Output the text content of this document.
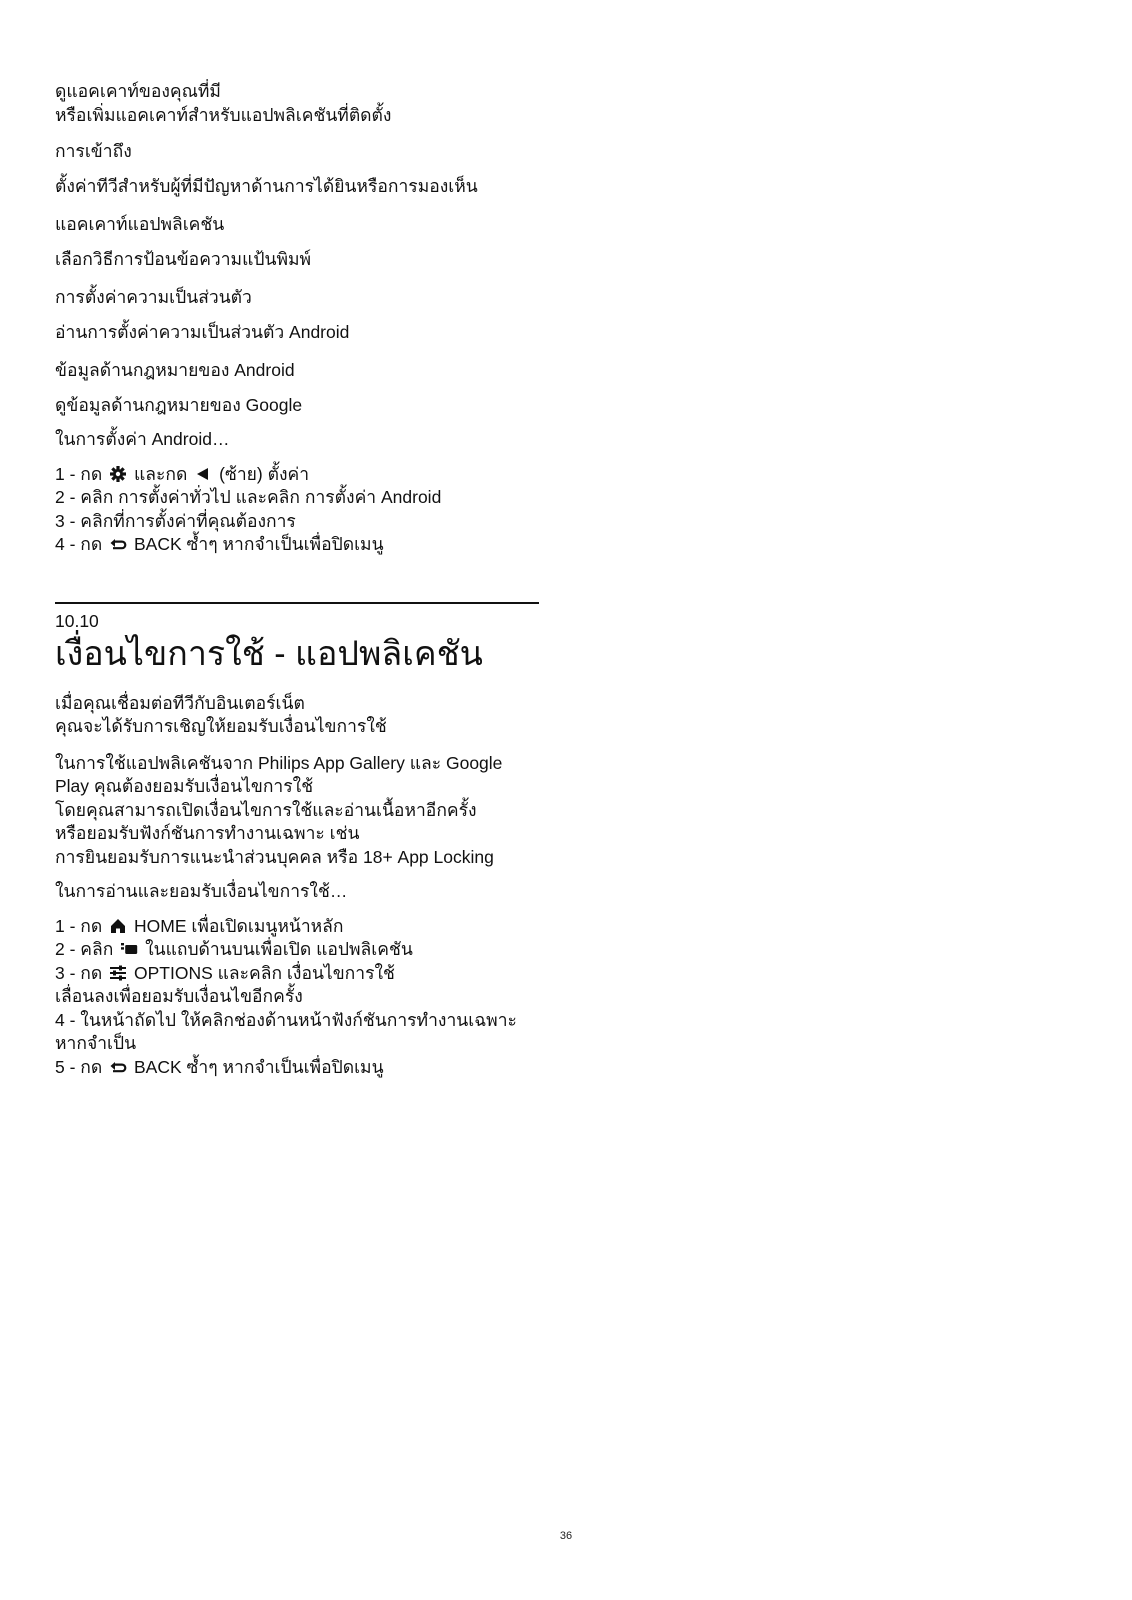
ดูแอคเคาท์ของคุณที่มี
หรือเพิ่มแอคเคาท์สำหรับแอปพลิเคชันที่ติดตั้ง

การเข้าถึง

ตั้งค่าทีวีสำหรับผู้ที่มีปัญหาด้านการได้ยินหรือการมองเห็น

แอคเคาท์แอปพลิเคชัน

เลือกวิธีการป้อนข้อความแป้นพิมพ์

การตั้งค่าความเป็นส่วนตัว

อ่านการตั้งค่าความเป็นส่วนตัว Android

ข้อมูลด้านกฎหมายของ Android

ดูข้อมูลด้านกฎหมายของ Google

ในการตั้งค่า Android…

1 - กด และกด (ซ้าย) ตั้งค่า
2 - คลิก การตั้งค่าทั่วไป และคลิก การตั้งค่า Android
3 - คลิกที่การตั้งค่าที่คุณต้องการ
4 - กด BACK ซ้ำๆ หากจำเป็นเพื่อปิดเมนู

10.10

เงื่อนไขการใช้ - แอปพลิเคชัน

เมื่อคุณเชื่อมต่อทีวีกับอินเตอร์เน็ต
คุณจะได้รับการเชิญให้ยอมรับเงื่อนไขการใช้

ในการใช้แอปพลิเคชันจาก Philips App Gallery และ Google
Play คุณต้องยอมรับเงื่อนไขการใช้
โดยคุณสามารถเปิดเงื่อนไขการใช้และอ่านเนื้อหาอีกครั้ง
หรือยอมรับฟังก์ชันการทำงานเฉพาะ เช่น
การยินยอมรับการแนะนำส่วนบุคคล หรือ 18+ App Locking

ในการอ่านและยอมรับเงื่อนไขการใช้…

1 - กด HOME เพื่อเปิดเมนูหน้าหลัก
2 - คลิก ในแถบด้านบนเพื่อเปิด แอปพลิเคชัน
3 - กด OPTIONS และคลิก เงื่อนไขการใช้
เลื่อนลงเพื่อยอมรับเงื่อนไขอีกครั้ง
4 - ในหน้าถัดไป ให้คลิกช่องด้านหน้าฟังก์ชันการทำงานเฉพาะ
หากจำเป็น
5 - กด BACK ซ้ำๆ หากจำเป็นเพื่อปิดเมนู

36
